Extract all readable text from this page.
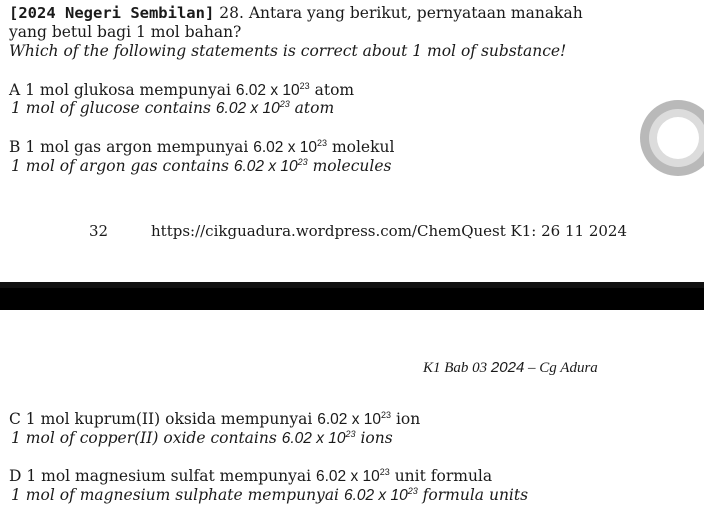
[2024 Negeri Sembilan] 28. Antara yang berikut, pernyataan manakah
yang betul bagi 1 mol bahan?
Which of the following statements is correct about 1 mol of substance!
A 1 mol glukosa mempunyai 6.02 x $10^{23}$ atom
1 mol of glucose contains 6.02 x $10^{23}$ atom
B 1 mol gas argon mempunyai 6.02 x $10^{23}$ molekul
1 mol of argon gas contains 6.02 x $10^{23}$ molecules
32	https://cikguadura.wordpress.com/ChemQuest K1: 26 11 2024
K1 Bab 03 2024 – Cg Adura
C 1 mol kuprum(II) oksida mempunyai 6.02 x $10^{23}$ ion
1 mol of copper(II) oxide contains 6.02 x $10^{23}$ ions
D 1 mol magnesium sulfat mempunyai 6.02 x $10^{23}$ unit formula
1 mol of magnesium sulphate mempunyai 6.02 x $10^{23}$ formula units
